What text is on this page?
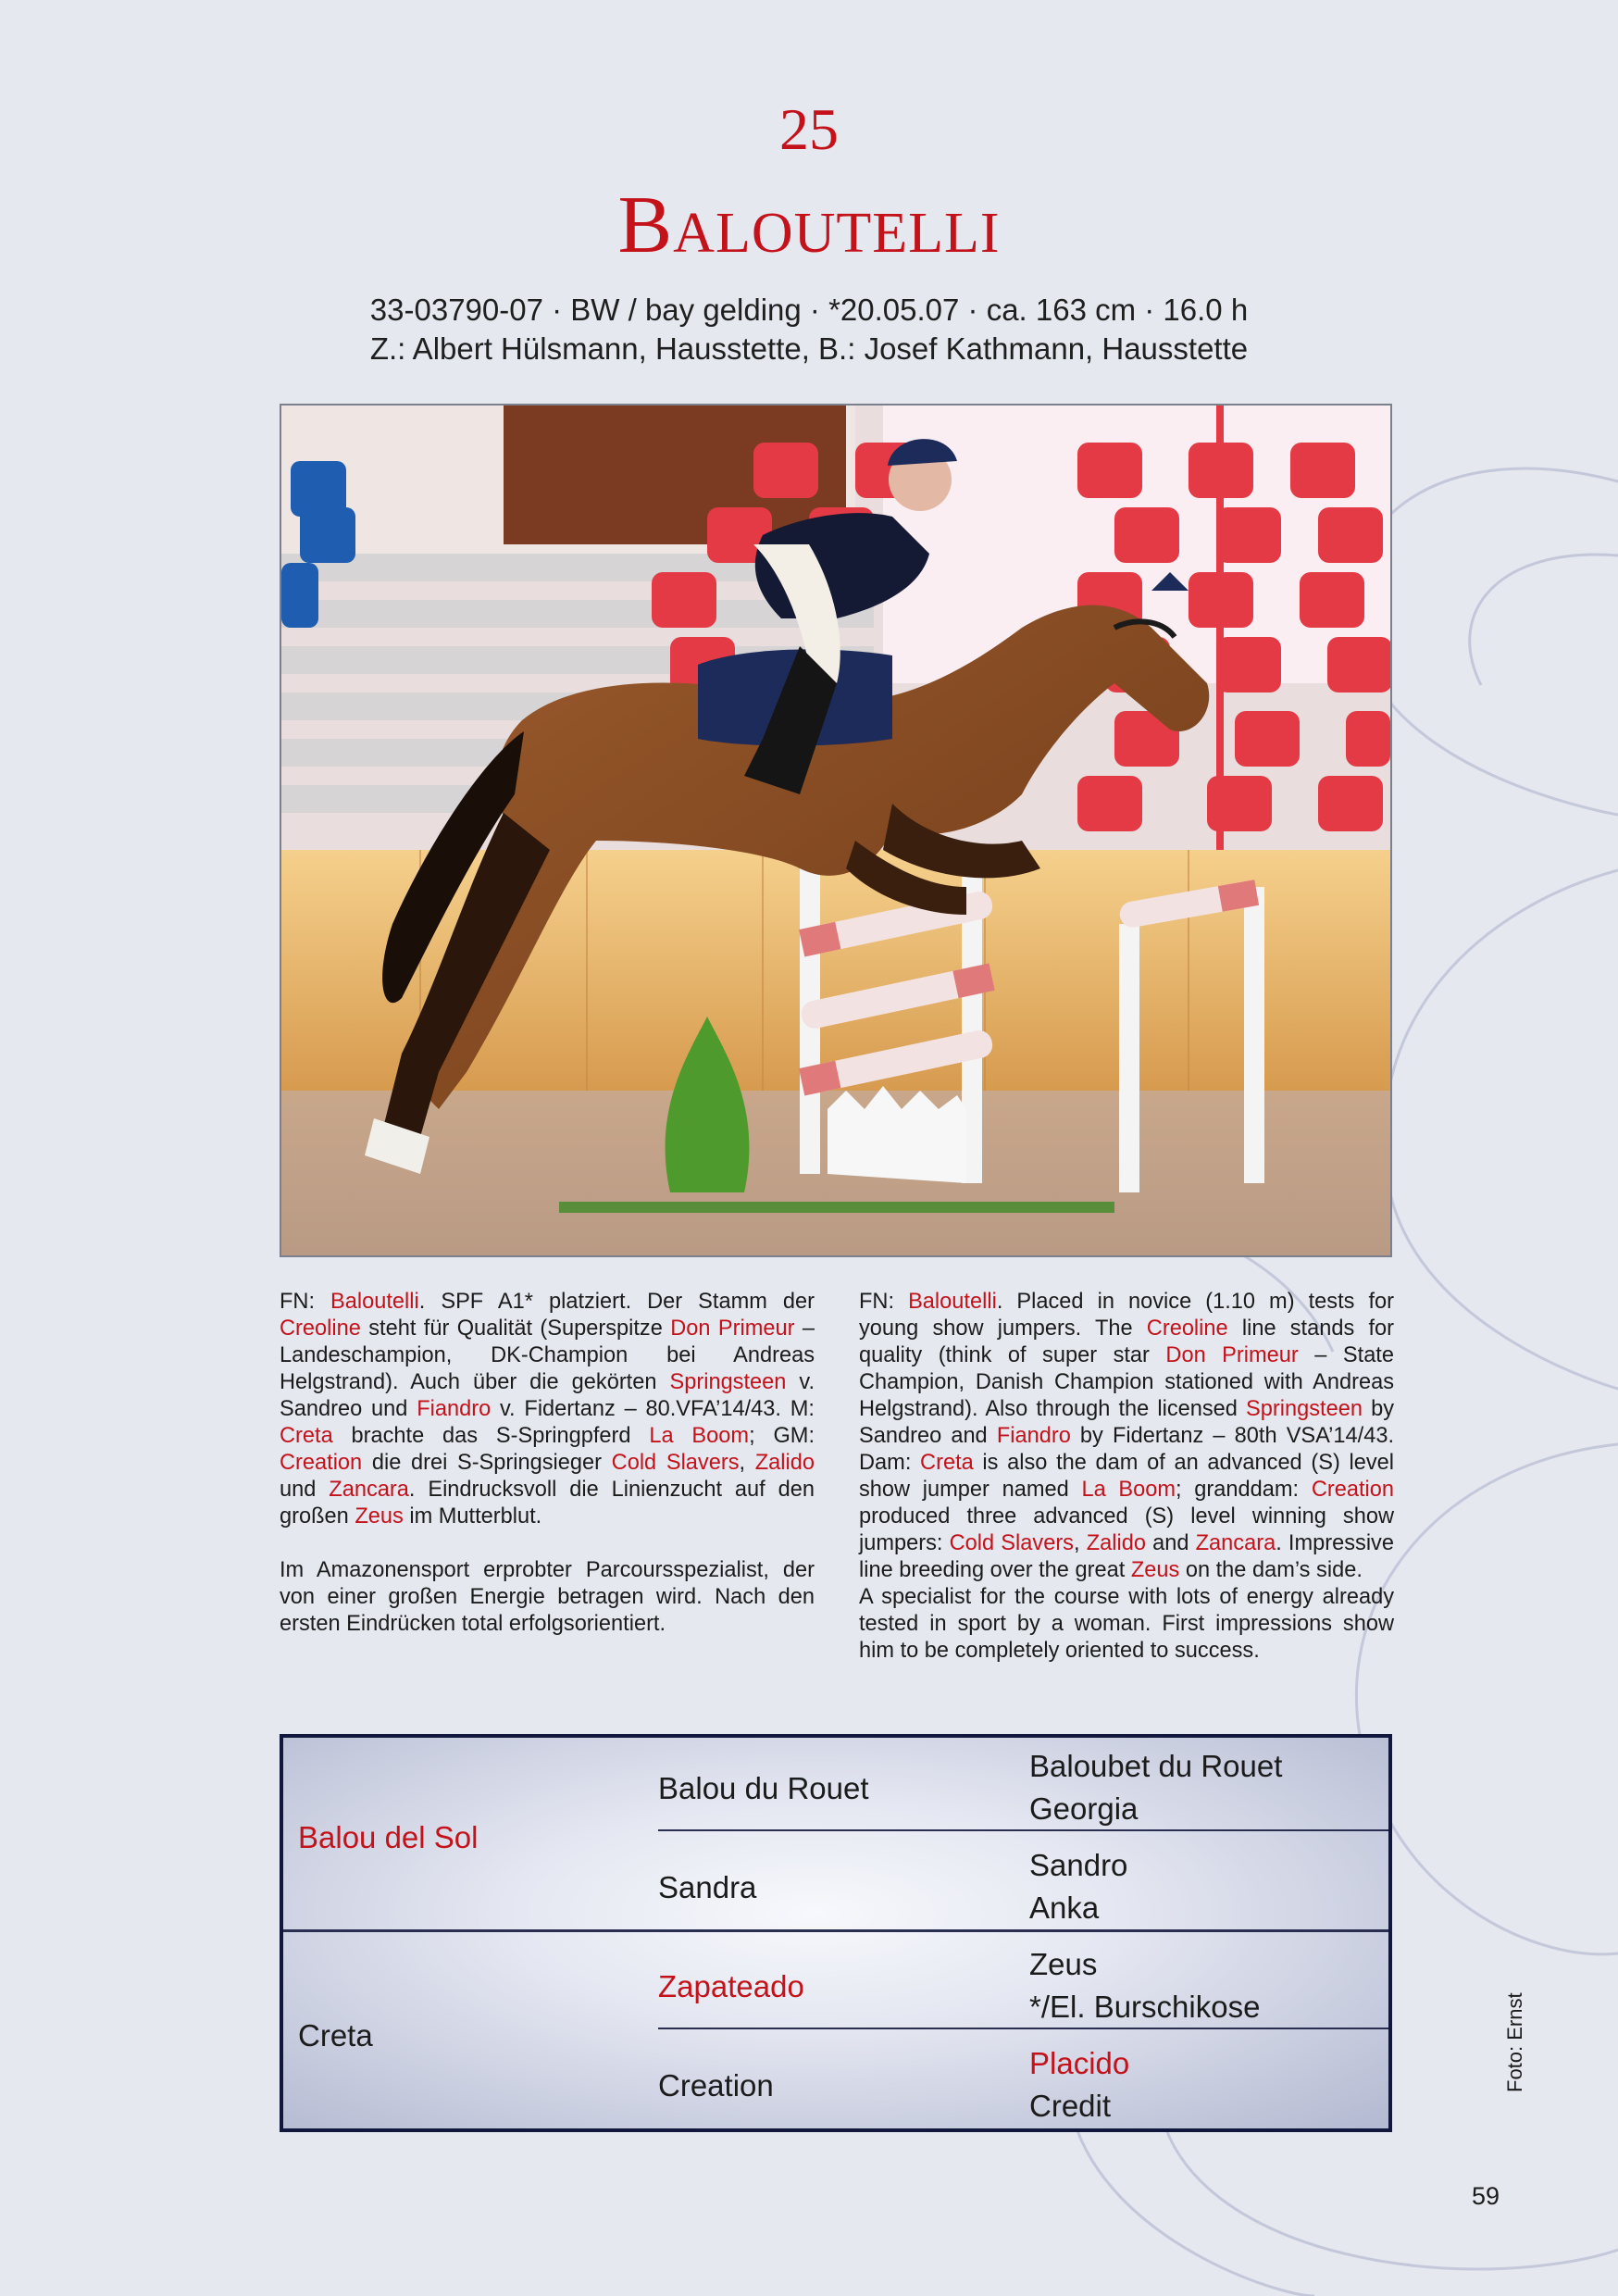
25
Baloutelli
33-03790-07 · BW / bay gelding · *20.05.07 · ca. 163 cm · 16.0 h
Z.: Albert Hülsmann, Hausstette, B.: Josef Kathmann, Hausstette

FN: Baloutelli. SPF A1* platziert. Der Stamm der Creoline steht für Qualität (Superspitze Don Primeur – Landeschampion, DK-Champion bei Andreas Helgstrand). Auch über die gekörten Springsteen v. Sandreo und Fiandro v. Fidertanz – 80.VFA’14/43. M: Creta brachte das S-Springpferd La Boom; GM: Creation die drei S-Springsieger Cold Slavers, Zalido und Zancara. Eindrucksvoll die Linienzucht auf den großen Zeus im Mutterblut.

Im Amazonensport erprobter Parcoursspezialist, der von einer großen Energie betragen wird. Nach den ersten Eindrücken total erfolgsorientiert.

FN: Baloutelli. Placed in novice (1.10 m) tests for young show jumpers. The Creoline line stands for quality (think of super star Don Primeur – State Champion, Danish Champion stationed with Andreas Helgstrand). Also through the licensed Springsteen by Sandreo and Fiandro by Fidertanz – 80th VSA’14/43. Dam: Creta is also the dam of an advanced (S) level show jumper named La Boom; granddam: Creation produced three advanced (S) level winning show jumpers: Cold Slavers, Zalido and Zancara. Impressive line breeding over the great Zeus on the dam’s side.

A specialist for the course with lots of energy already tested in sport by a woman. First impressions show him to be completely oriented to success.

Balou del Sol
Creta
Balou du Rouet
Sandra
Zapateado
Creation
Baloubet du Rouet
Georgia
Sandro
Anka
Zeus
*/El. Burschikose
Placido
Credit
Foto: Ernst
59
